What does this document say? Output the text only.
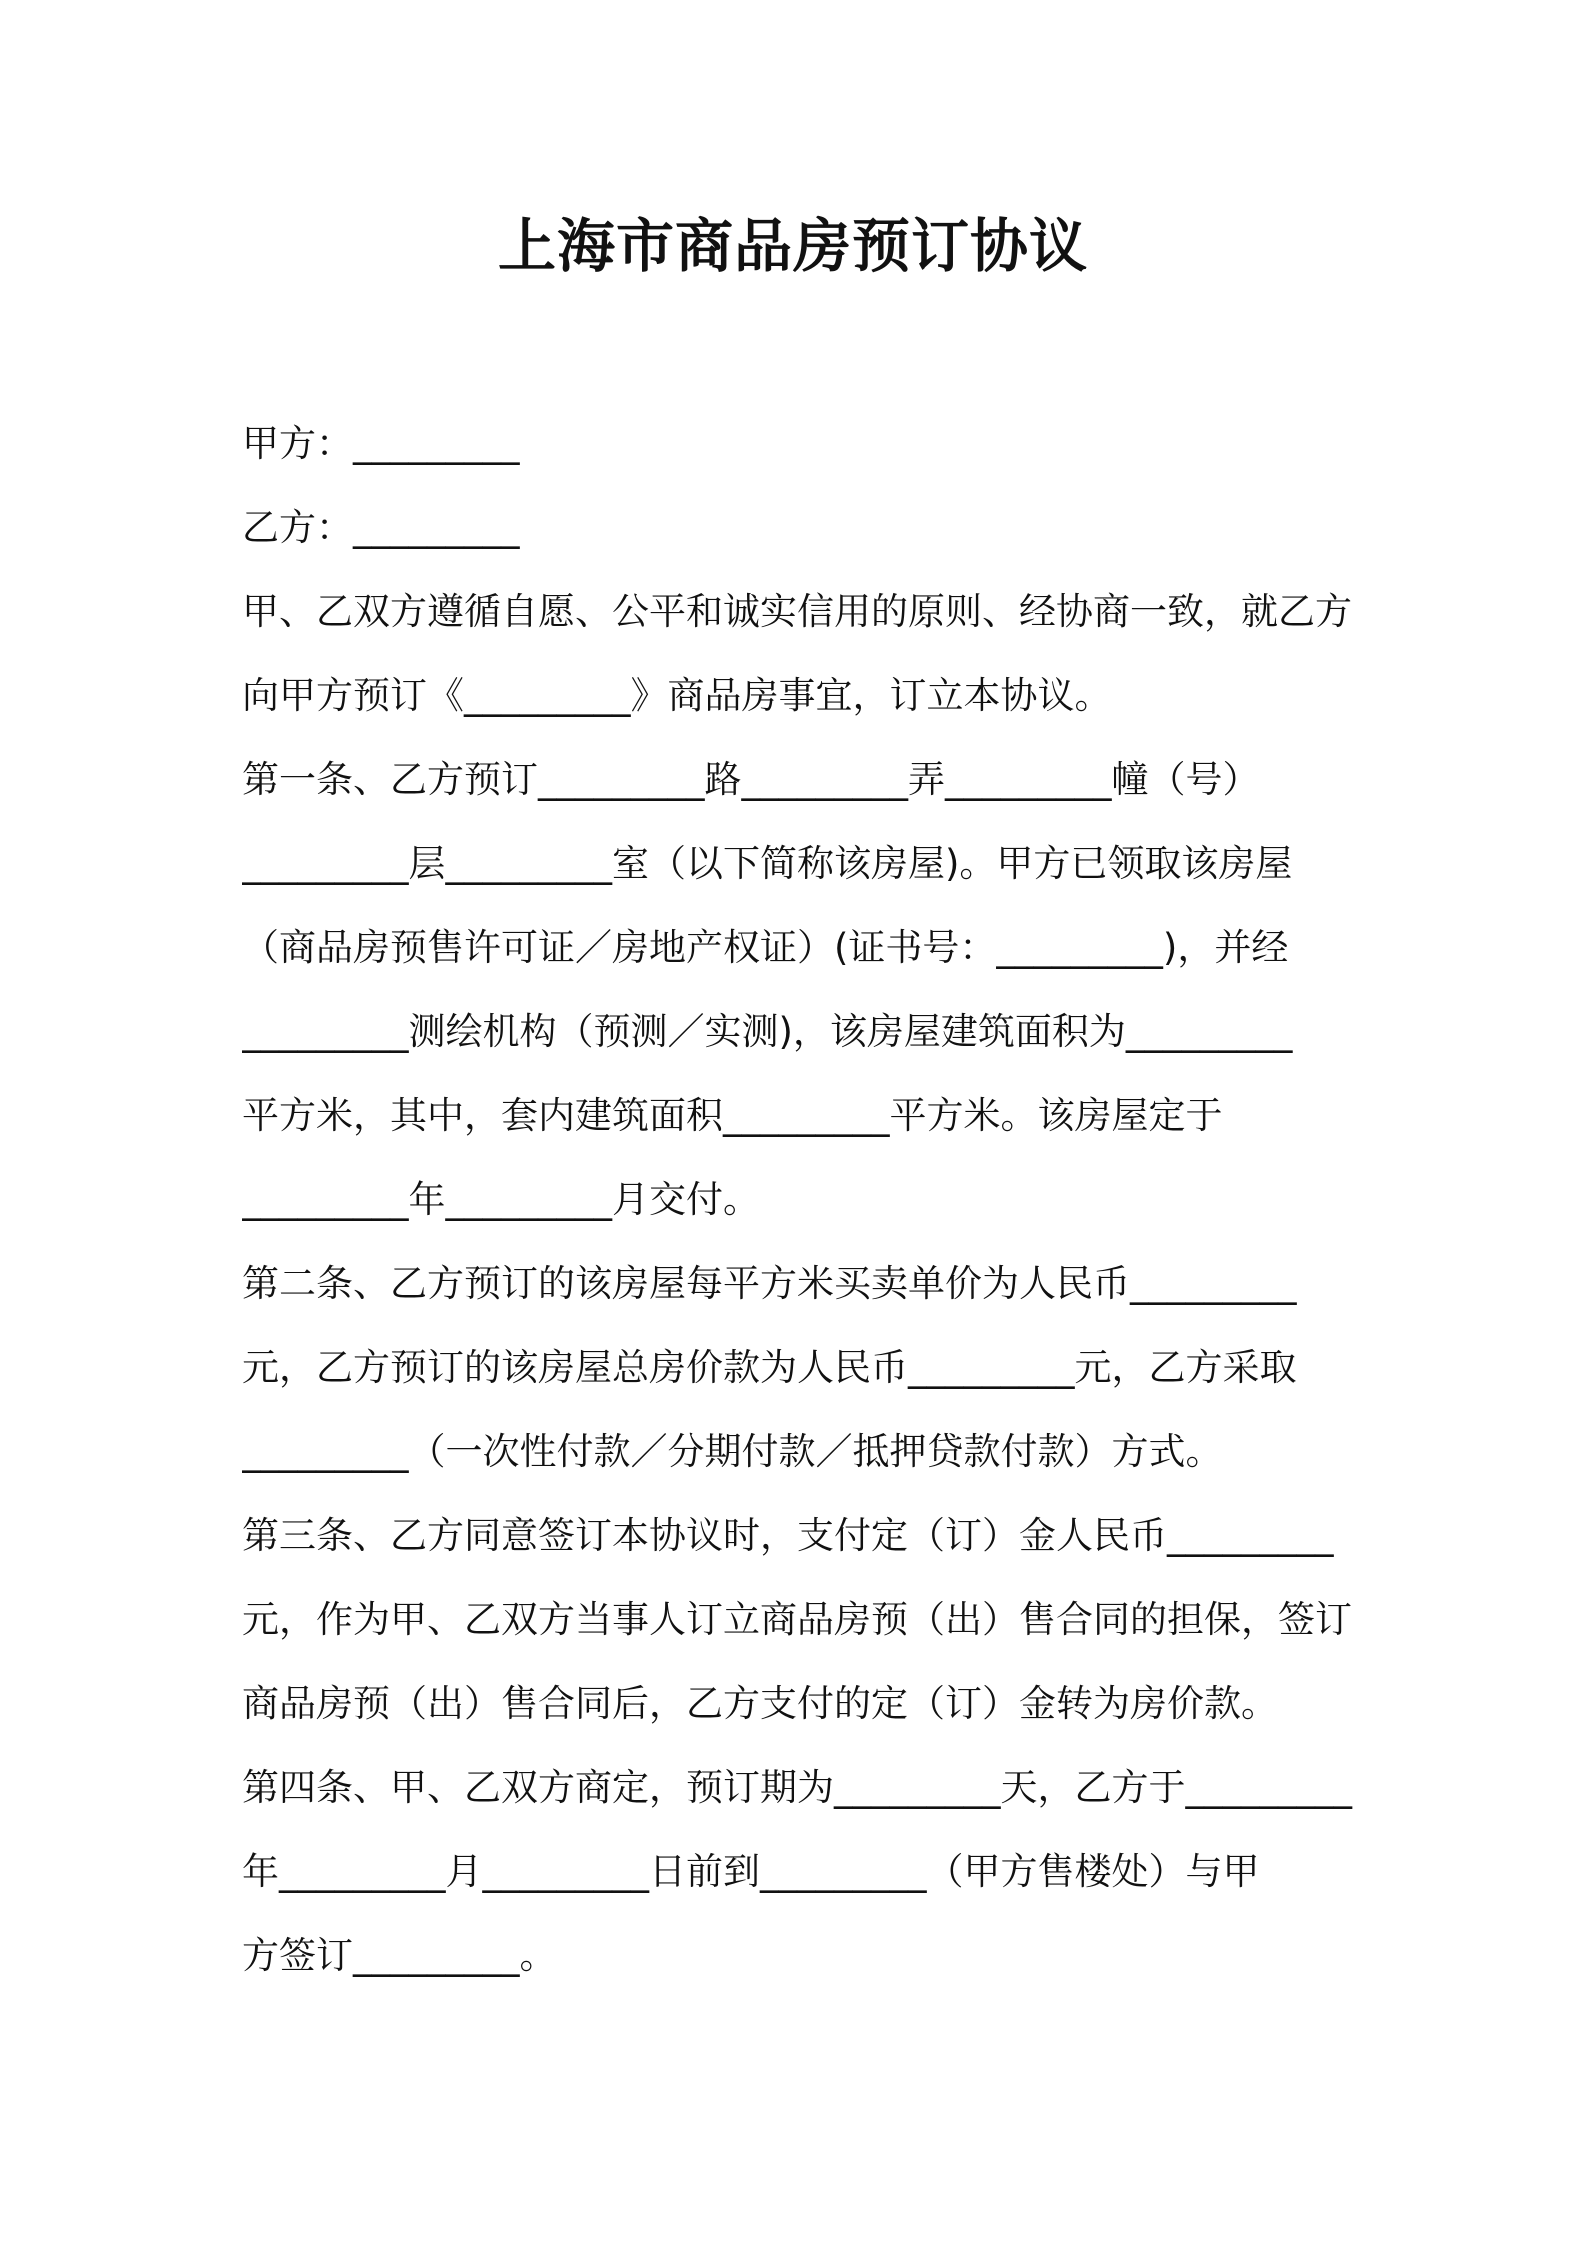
上海市商品房预订协议
甲方：_________
乙方：_________
甲、乙双方遵循自愿、公平和诚实信用的原则、经协商一致，就乙方
向甲方预订《_________》商品房事宜，订立本协议。
第一条、乙方预订_________路_________弄_________幢（号）
_________层_________室（以下简称该房屋)。甲方已领取该房屋
（商品房预售许可证／房地产权证）(证书号：_________)，并经
_________测绘机构（预测／实测)，该房屋建筑面积为_________
平方米，其中，套内建筑面积_________平方米。该房屋定于
_________年_________月交付。
第二条、乙方预订的该房屋每平方米买卖单价为人民币_________
元，乙方预订的该房屋总房价款为人民币_________元，乙方采取
_________（一次性付款／分期付款／抵押贷款付款）方式。
第三条、乙方同意签订本协议时，支付定（订）金人民币_________
元，作为甲、乙双方当事人订立商品房预（出）售合同的担保，签订
商品房预（出）售合同后，乙方支付的定（订）金转为房价款。
第四条、甲、乙双方商定，预订期为_________天，乙方于_________
年_________月_________日前到_________（甲方售楼处）与甲
方签订_________。
